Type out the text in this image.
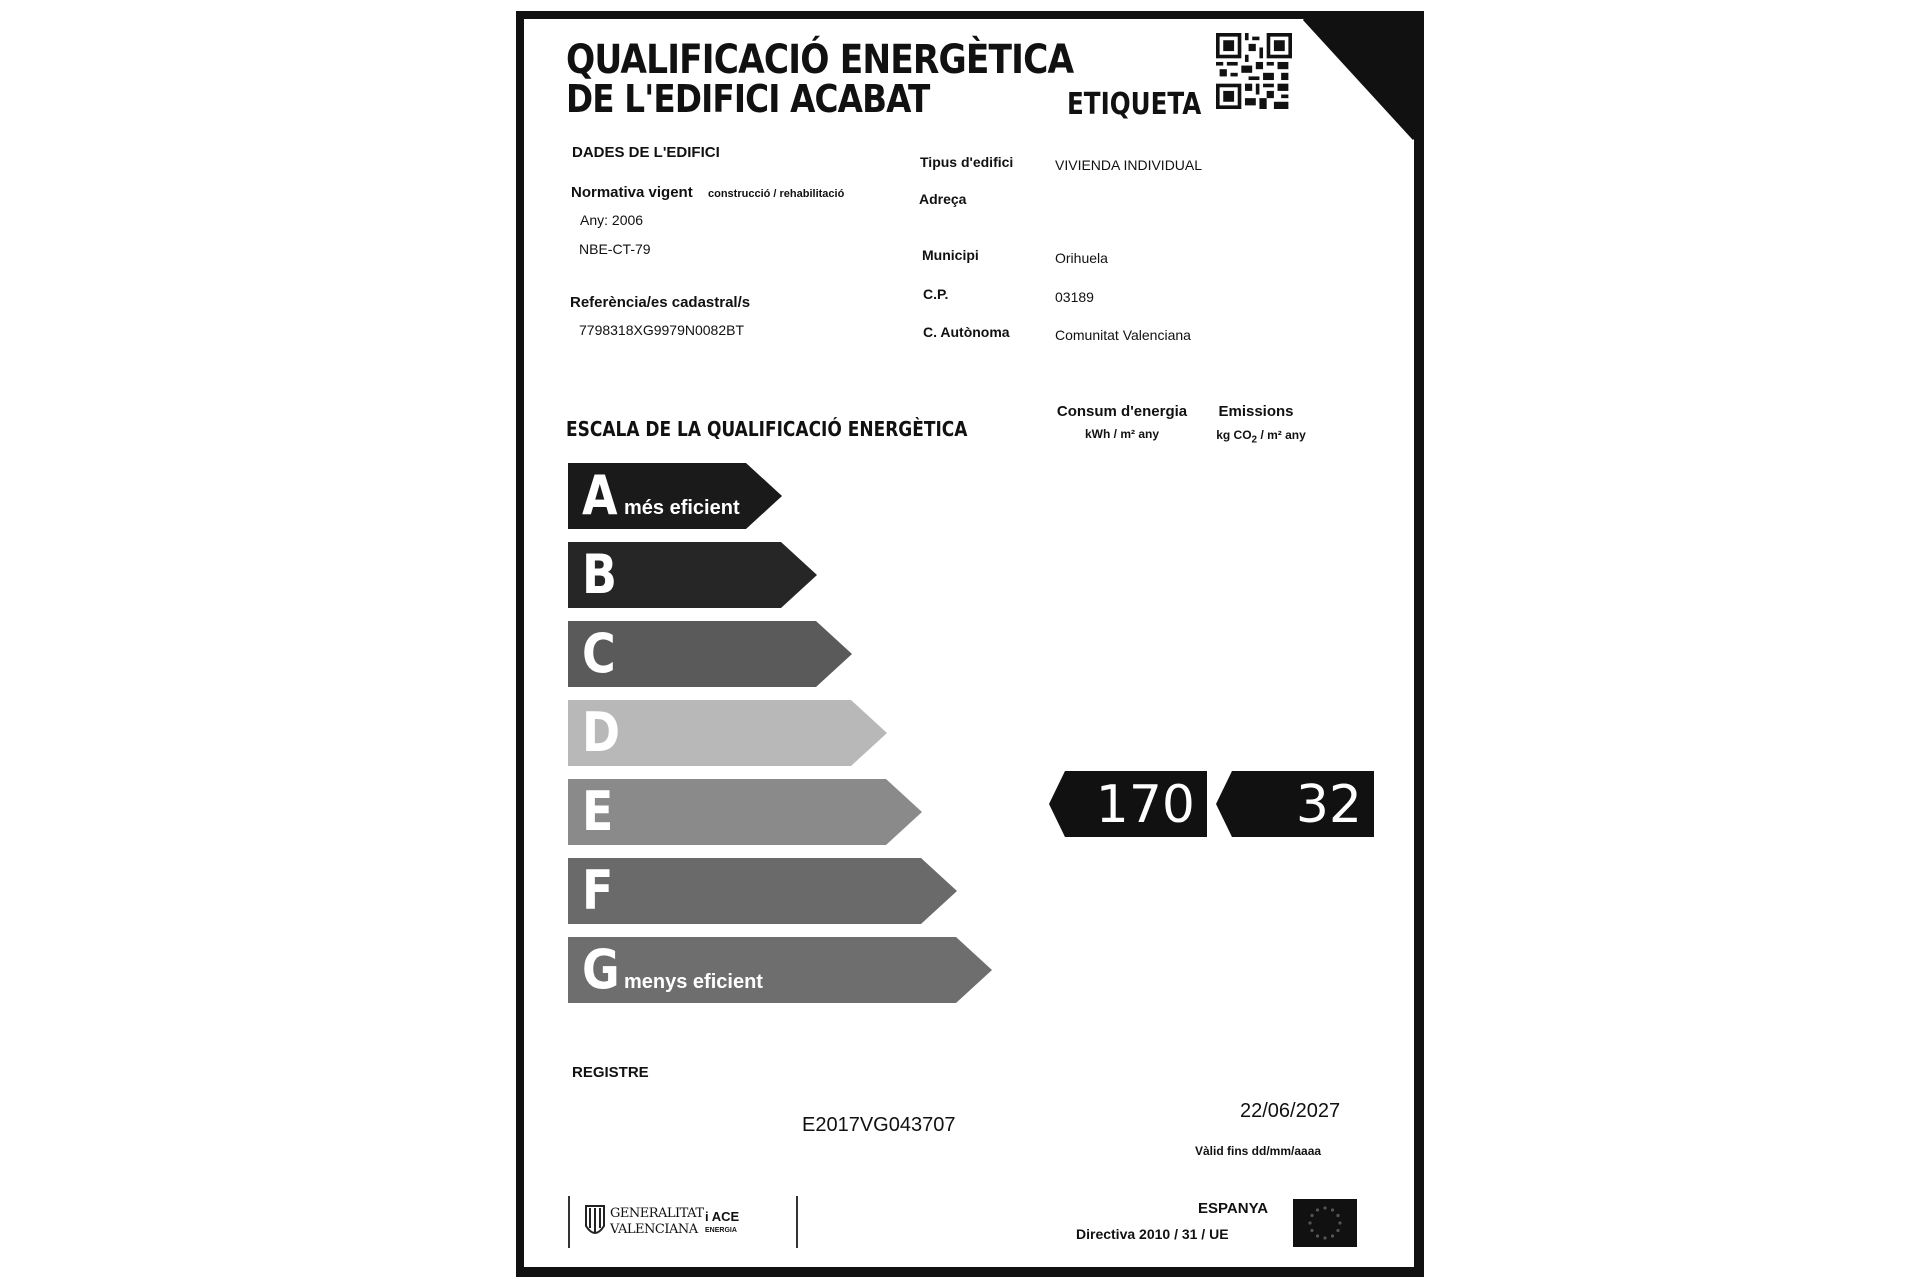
QUALIFICACIÓ ENERGÈTICA
DE L'EDIFICI ACABAT	ETIQUETA
DADES DE L'EDIFICI
Normativa vigent construcció / rehabilitació
Any: 2006
NBE-CT-79
Referència/es cadastral/s
7798318XG9979N0082BT
Tipus d'edifici	VIVIENDA INDIVIDUAL
Adreça
Municipi	Orihuela
C.P.	03189
C. Autònoma	Comunitat Valenciana
ESCALA DE LA QUALIFICACIÓ ENERGÈTICA
Consum d'energia
kWh / m² any
Emissions
kg $CO_2 / m^2$ any
A més eficient
B
C
D
E
F
G menys eficient
170 32
REGISTRE
E2017VG043707
22/06/2027
Vàlid fins dd/mm/aaaa
GENERALITAT
VALENCIANA
i ACE
ENERGIA
ESPANYA
Directiva 2010 / 31 / UE
